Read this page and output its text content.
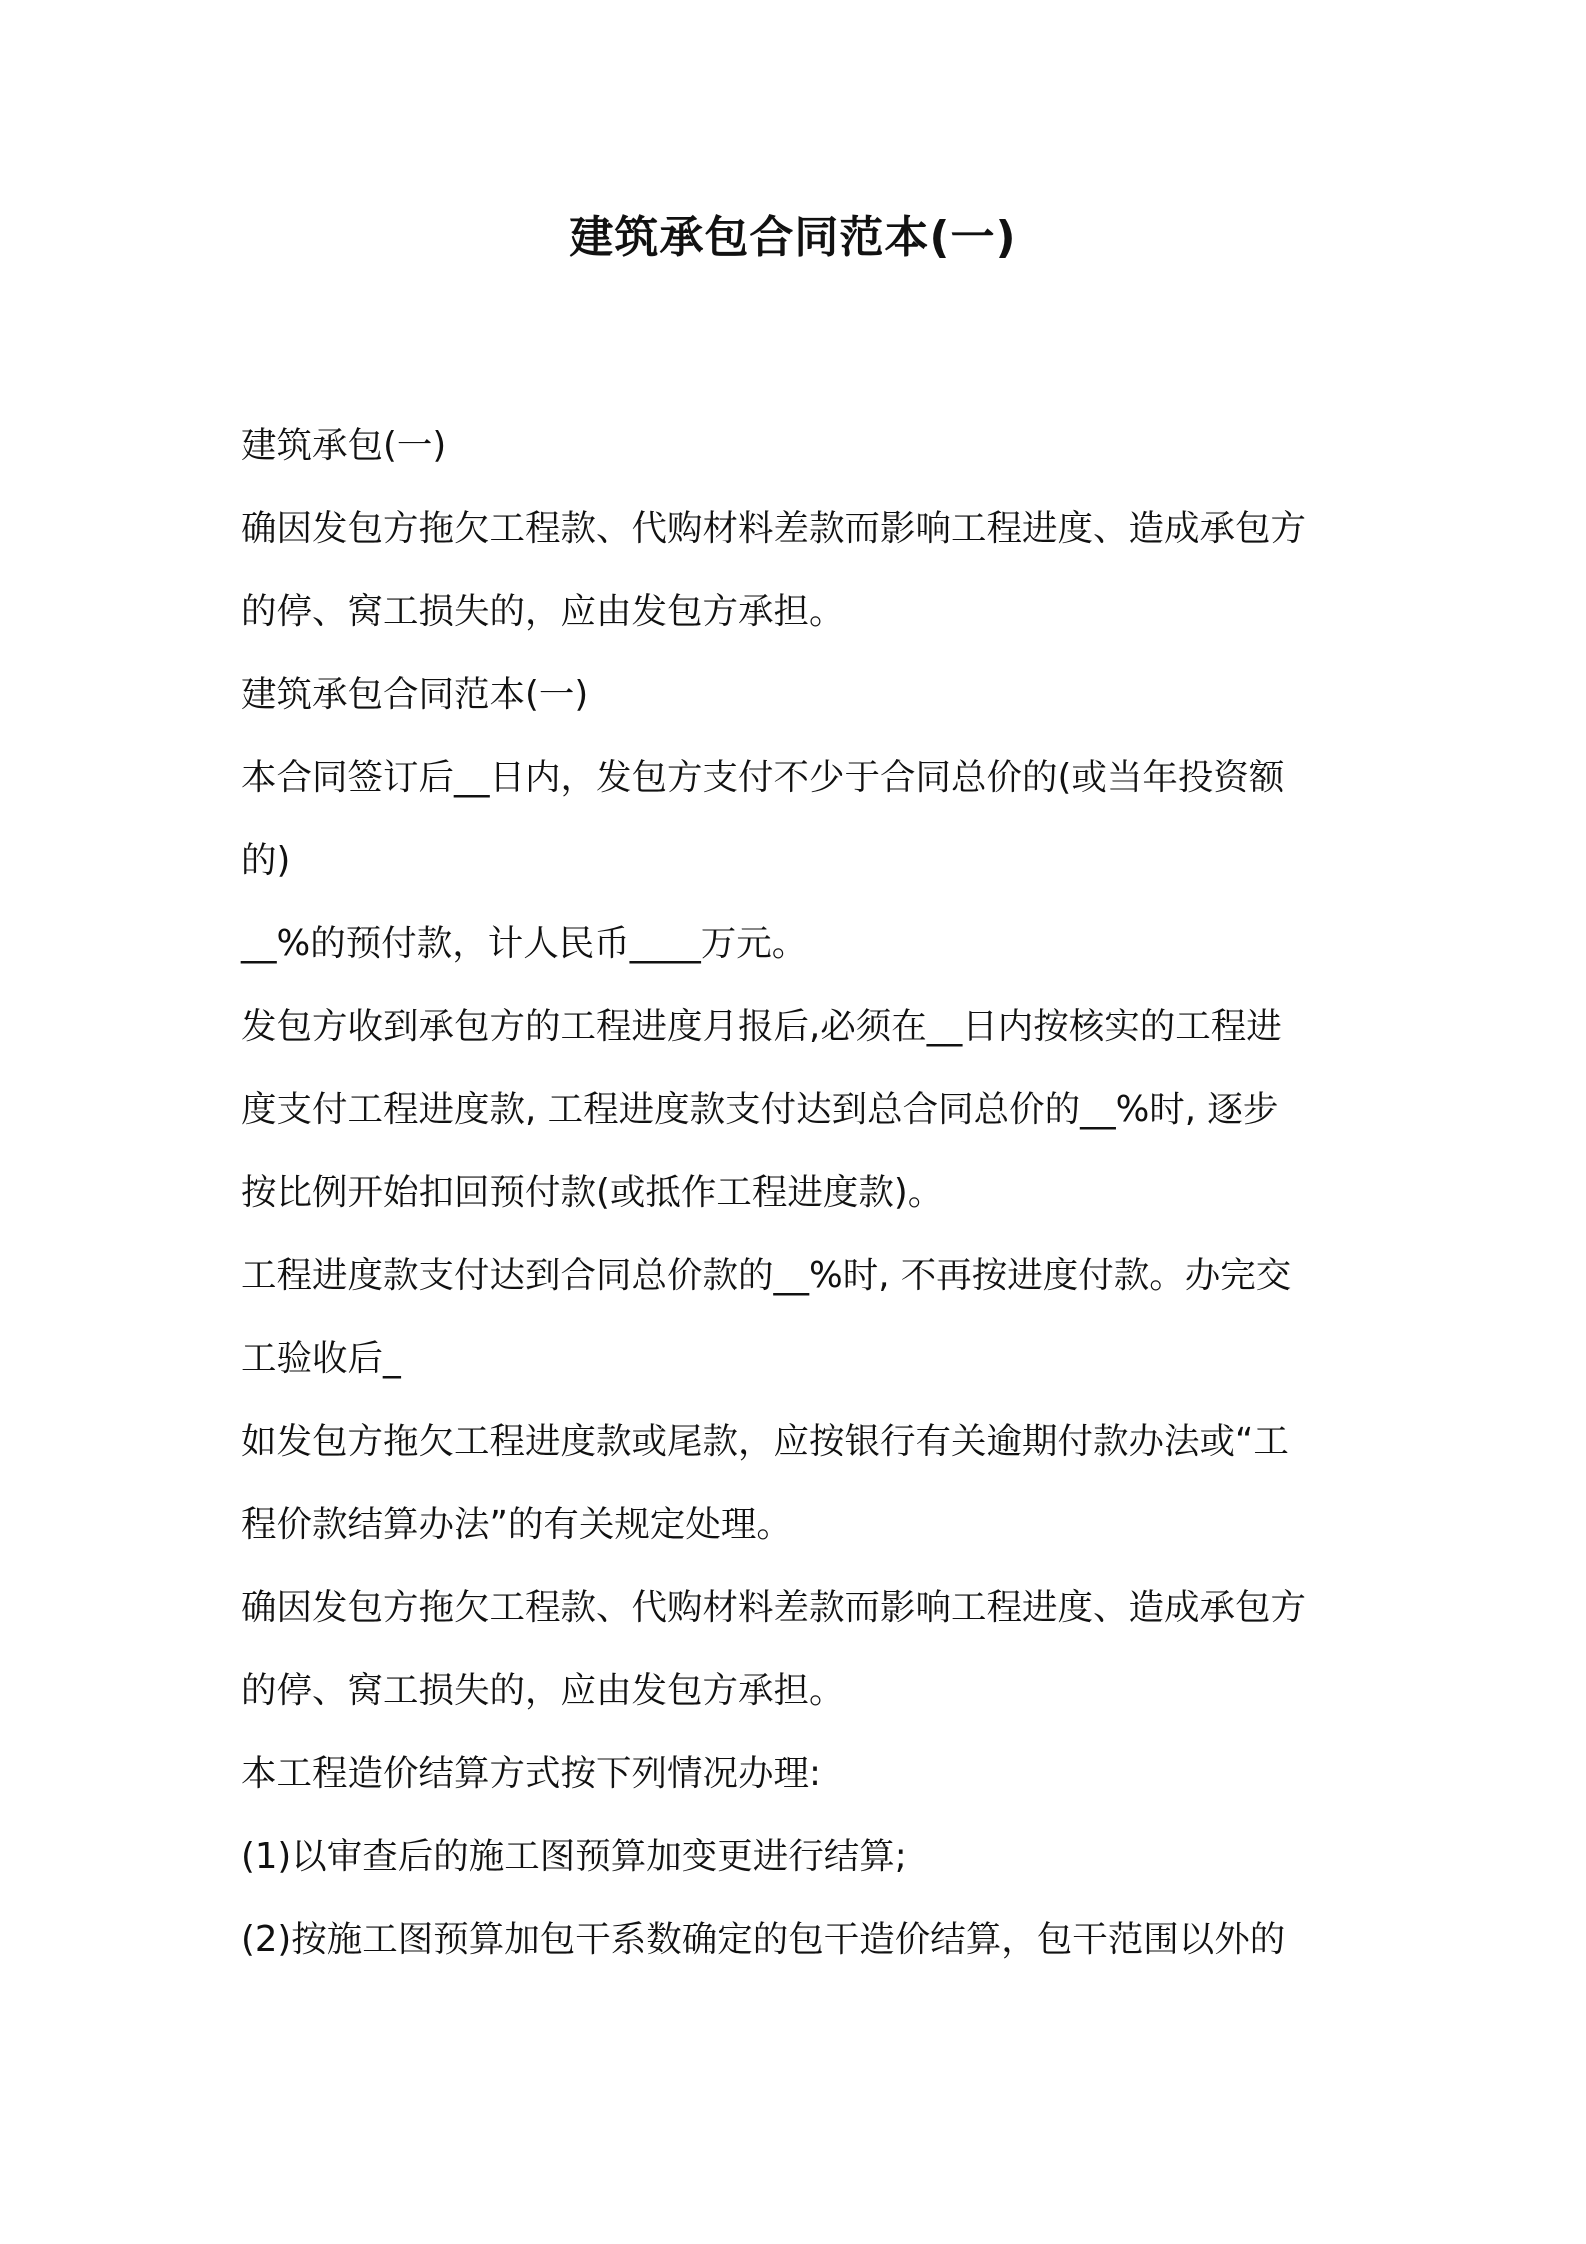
建筑承包合同范本(一)

建筑承包(一)

确因发包方拖欠工程款、代购材料差款而影响工程进度、造成承包方

的停、窝工损失的，应由发包方承担。

建筑承包合同范本(一)

本合同签订后__日内，发包方支付不少于合同总价的(或当年投资额

的)

__%的预付款，计人民币____万元。

发包方收到承包方的工程进度月报后,必须在__日内按核实的工程进

度支付工程进度款, 工程进度款支付达到总合同总价的__%时, 逐步

按比例开始扣回预付款(或抵作工程进度款)。

工程进度款支付达到合同总价款的__%时, 不再按进度付款。办完交

工验收后_

如发包方拖欠工程进度款或尾款，应按银行有关逾期付款办法或“工

程价款结算办法”的有关规定处理。

确因发包方拖欠工程款、代购材料差款而影响工程进度、造成承包方

的停、窝工损失的，应由发包方承担。

本工程造价结算方式按下列情况办理:

(1)以审查后的施工图预算加变更进行结算;

(2)按施工图预算加包干系数确定的包干造价结算，包干范围以外的
